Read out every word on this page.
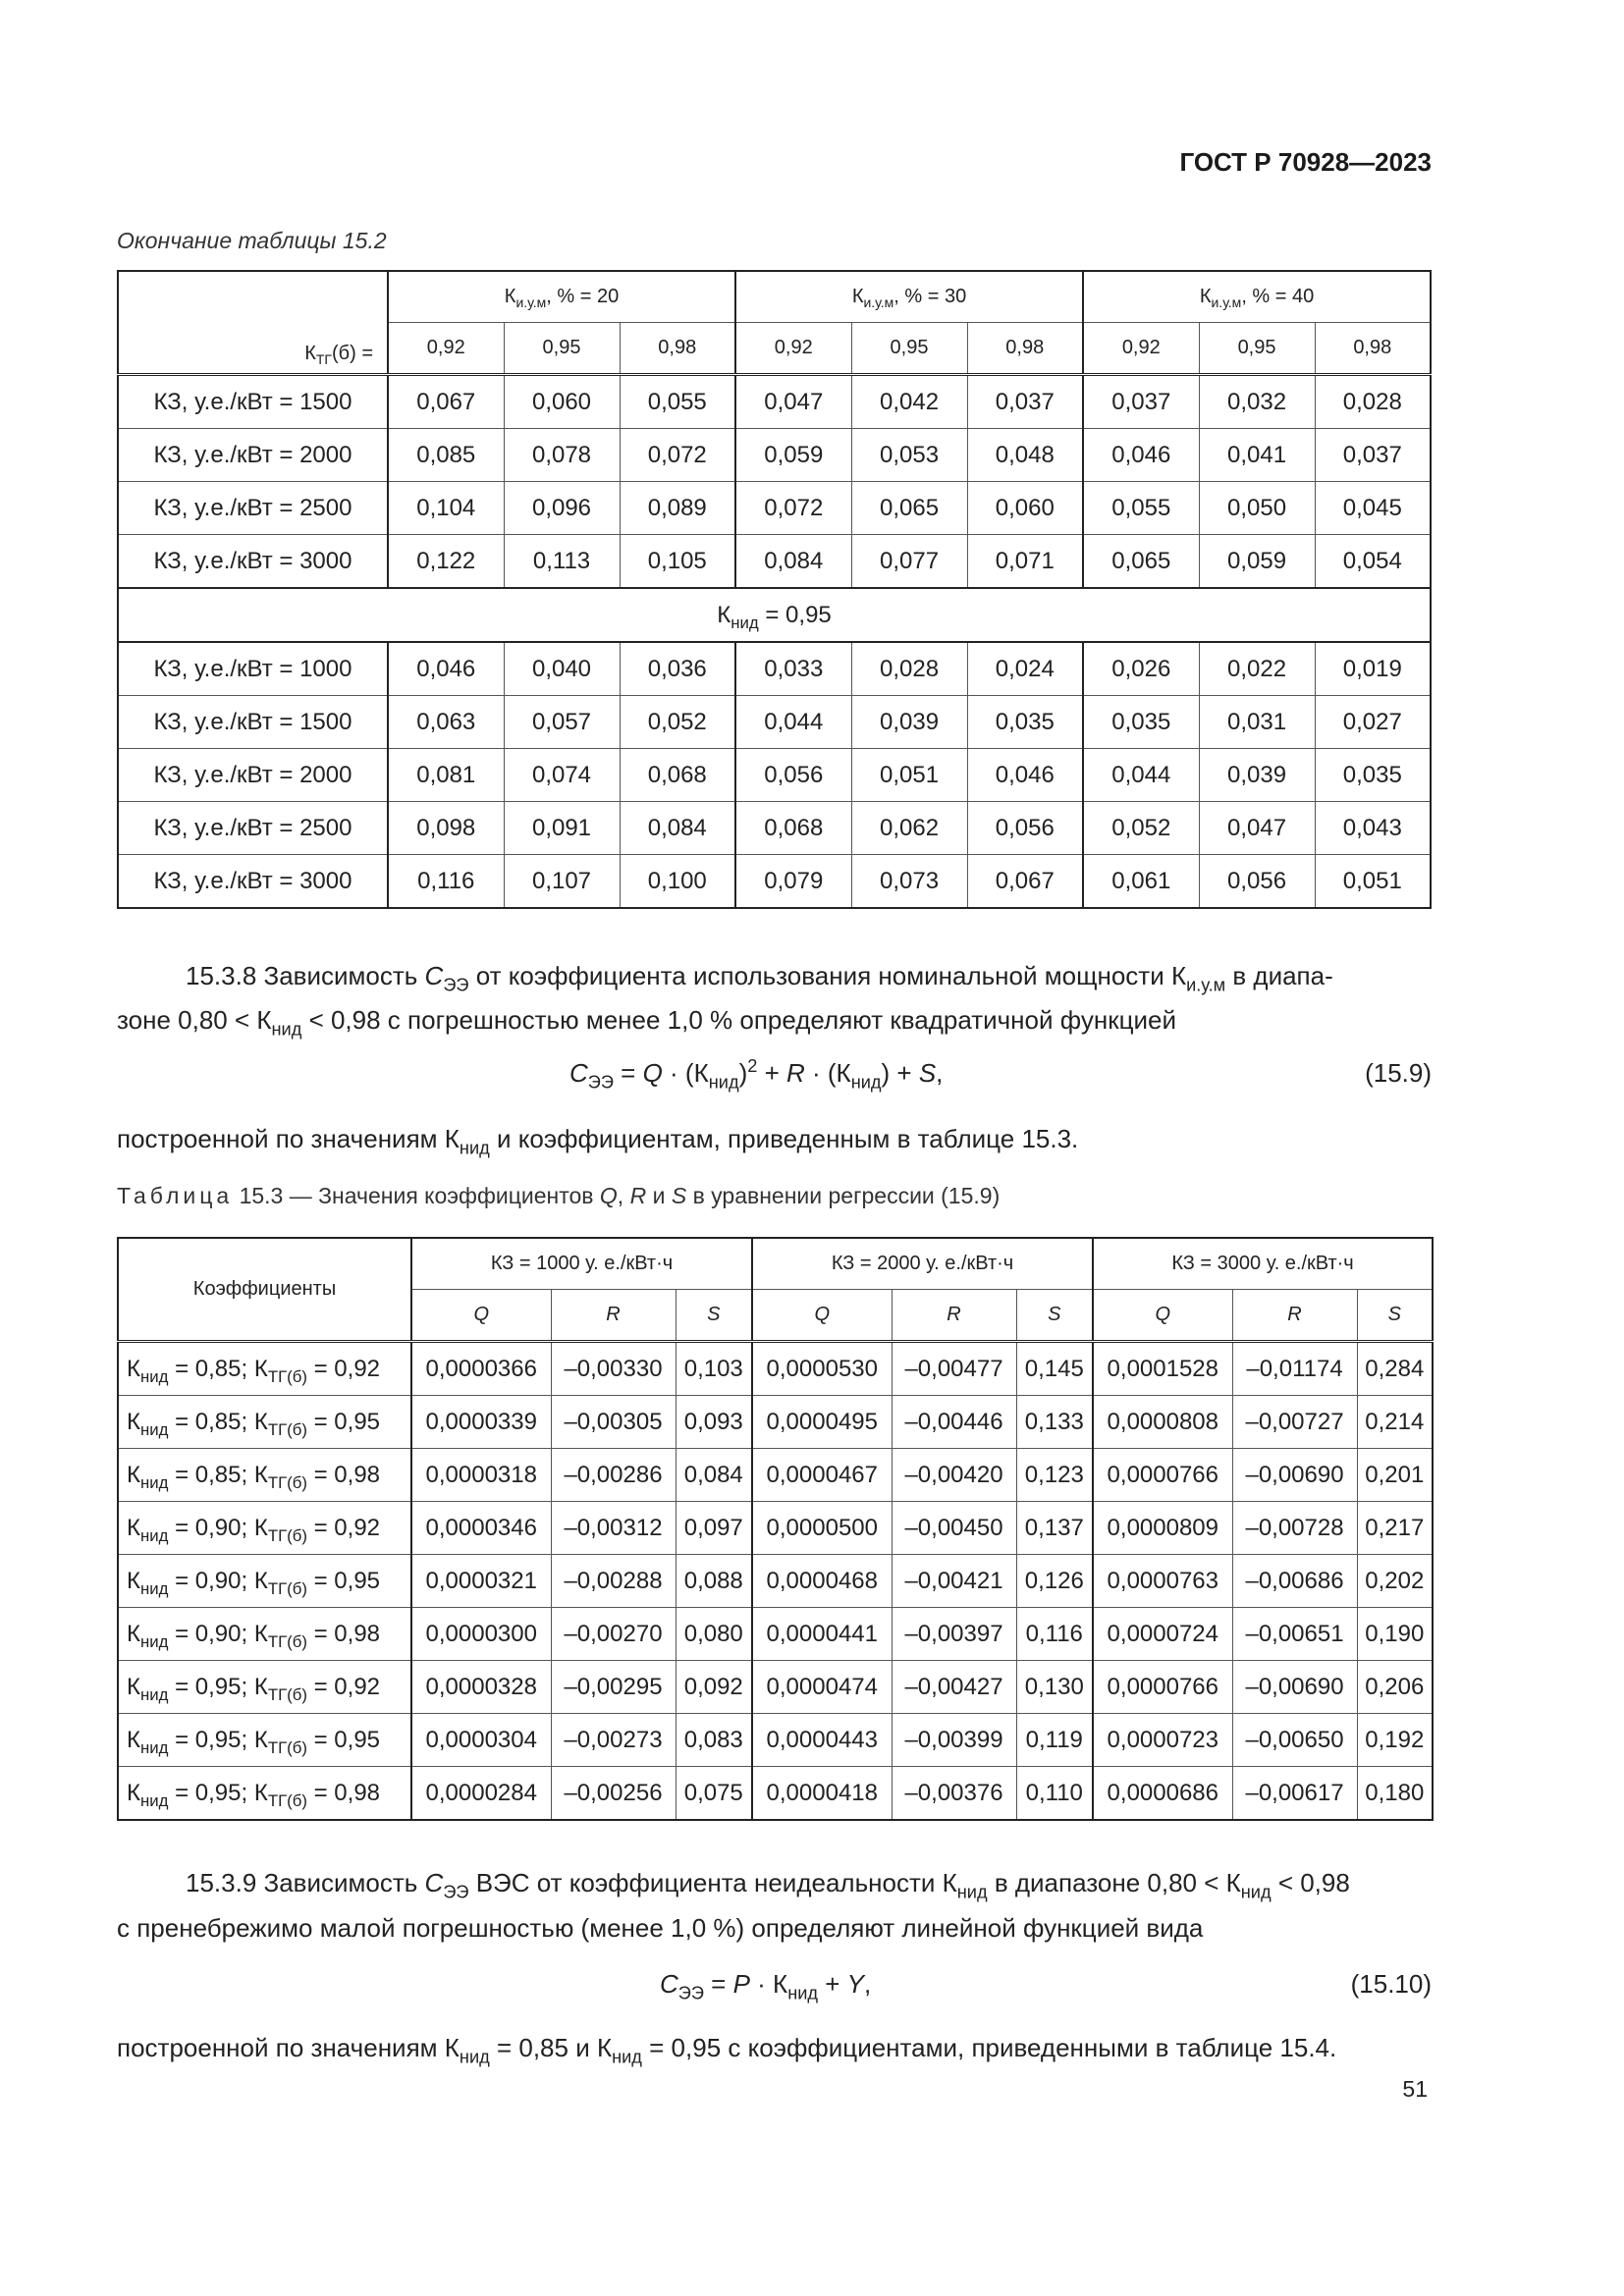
ГОСТ Р 70928—2023
Окончание таблицы 15.2
$К_{ТГ}(б)$ =	$К_{и.у.м}$, % = 20			$К_{и.у.м}$, % = 30			$К_{и.у.м}$, % = 40		
	0,92	0,95	0,98	0,92	0,95	0,98	0,92	0,95	0,98
КЗ, у.е./кВт = 1500	0,067	0,060	0,055	0,047	0,042	0,037	0,037	0,032	0,028
КЗ, у.е./кВт = 2000	0,085	0,078	0,072	0,059	0,053	0,048	0,046	0,041	0,037
КЗ, у.е./кВт = 2500	0,104	0,096	0,089	0,072	0,065	0,060	0,055	0,050	0,045
КЗ, у.е./кВт = 3000	0,122	0,113	0,105	0,084	0,077	0,071	0,065	0,059	0,054
$К_{нид} = 0,95$									
КЗ, у.е./кВт = 1000	0,046	0,040	0,036	0,033	0,028	0,024	0,026	0,022	0,019
КЗ, у.е./кВт = 1500	0,063	0,057	0,052	0,044	0,039	0,035	0,035	0,031	0,027
КЗ, у.е./кВт = 2000	0,081	0,074	0,068	0,056	0,051	0,046	0,044	0,039	0,035
КЗ, у.е./кВт = 2500	0,098	0,091	0,084	0,068	0,062	0,056	0,052	0,047	0,043
КЗ, у.е./кВт = 3000	0,116	0,107	0,100	0,079	0,073	0,067	0,061	0,056	0,051
15.3.8 Зависимость $C_{ЭЭ}$ от коэффициента использования номинальной мощности $К_{и.у.м}$ в диапа-
зоне $0,80 < К_{нид} < 0,98$ с погрешностью менее 1,0 % определяют квадратичной функцией
$C_{ЭЭ} = Q \cdot (К_{нид})^2 + R \cdot (К_{нид}) + S$,	(15.9)
построенной по значениям $К_{нид}$ и коэффициентам, приведенным в таблице 15.3.
Таблица 15.3 — Значения коэффициентов Q, R и S в уравнении регрессии (15.9)
Коэффициенты	КЗ = 1000 у. е./кВт·ч			КЗ = 2000 у. е./кВт·ч			КЗ = 3000 у. е./кВт·ч		
	Q	R	S	Q	R	S	Q	R	S
$К_{нид} = 0,85$; $К_{ТГ(б)} = 0,92$	0,0000366	–0,00330	0,103	0,0000530	–0,00477	0,145	0,0001528	–0,01174	0,284
$К_{нид} = 0,85$; $К_{ТГ(б)} = 0,95$	0,0000339	–0,00305	0,093	0,0000495	–0,00446	0,133	0,0000808	–0,00727	0,214
$К_{нид} = 0,85$; $К_{ТГ(б)} = 0,98$	0,0000318	–0,00286	0,084	0,0000467	–0,00420	0,123	0,0000766	–0,00690	0,201
$К_{нид} = 0,90$; $К_{ТГ(б)} = 0,92$	0,0000346	–0,00312	0,097	0,0000500	–0,00450	0,137	0,0000809	–0,00728	0,217
$К_{нид} = 0,90$; $К_{ТГ(б)} = 0,95$	0,0000321	–0,00288	0,088	0,0000468	–0,00421	0,126	0,0000763	–0,00686	0,202
$К_{нид} = 0,90$; $К_{ТГ(б)} = 0,98$	0,0000300	–0,00270	0,080	0,0000441	–0,00397	0,116	0,0000724	–0,00651	0,190
$К_{нид} = 0,95$; $К_{ТГ(б)} = 0,92$	0,0000328	–0,00295	0,092	0,0000474	–0,00427	0,130	0,0000766	–0,00690	0,206
$К_{нид} = 0,95$; $К_{ТГ(б)} = 0,95$	0,0000304	–0,00273	0,083	0,0000443	–0,00399	0,119	0,0000723	–0,00650	0,192
$К_{нид} = 0,95$; $К_{ТГ(б)} = 0,98$	0,0000284	–0,00256	0,075	0,0000418	–0,00376	0,110	0,0000686	–0,00617	0,180
15.3.9 Зависимость $C_{ЭЭ}$ ВЭС от коэффициента неидеальности $К_{нид}$ в диапазоне $0,80 < К_{нид} < 0,98$
с пренебрежимо малой погрешностью (менее 1,0 %) определяют линейной функцией вида
$C_{ЭЭ} = P \cdot К_{нид} + Y$,	(15.10)
построенной по значениям $К_{нид} = 0,85$ и $К_{нид} = 0,95$ с коэффициентами, приведенными в таблице 15.4.
51
